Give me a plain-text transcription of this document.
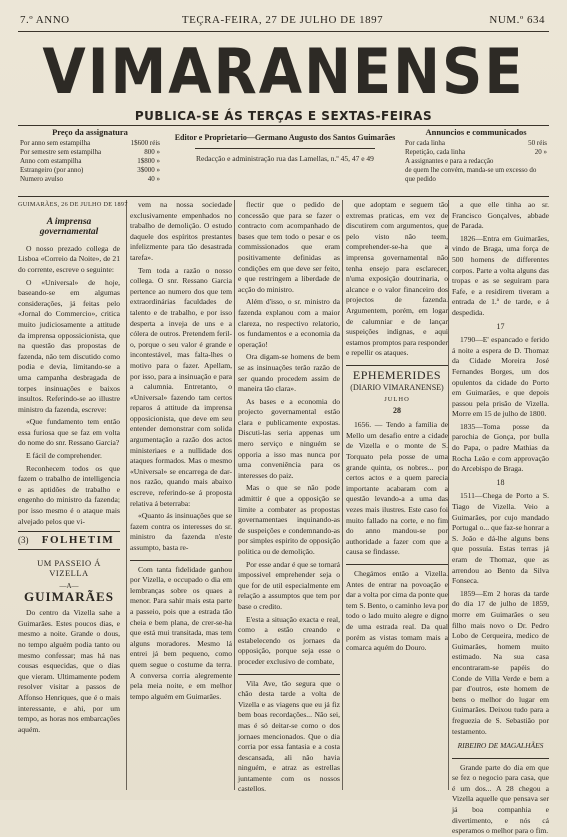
7.º ANNO	TEÇRA-FEIRA, 27 DE JULHO DE 1897	NUM.º 634
VIMARANENSE
PUBLICA-SE ÁS TERÇAS E SEXTAS-FEIRAS
Preço da assignatura
Por anno sem estampilha	1$600 réis
Por semestre sem estampilha	800 »
Anno com estampilha	1$800 »
Estrangeiro (por anno)	3$000 »
Numero avulso	40 »
Editor e Proprietario—Germano Augusto dos Santos Guimarães
Redacção e administração rua das Lamellas, n.º 45, 47 e 49
Annuncios e communicados
Por cada linha	50 réis
Repetição, cada linha	20 »
A assignantes e para a redacção
de quem lhe convém, manda-se um excesso do que pedido
GUIMARÃES, 26 DE JULHO DE 1897
A imprensa governamental

O nosso prezado collega de Lisboa «Correio da Noite», de 21 do corrente, escreve o seguinte:

O «Universal» de hoje, baseando-se em algumas considerações, já feitas pelo «Jornal do Commercio», critica muito judiciosamente a attitude da imprensa oppossicionista, que na questão das propostas de fazenda, não tem discutido como podia e devia, limitando-se a uma campanha desbragada de torpes insinuações e baixos insultos. Referindo-se ao illustre ministro da fazenda, escreve:

«Que fundamento tem então essa furiosa que se faz em volta do nome do snr. Ressano Garcia?

E fácil de comprehender.

Reconhecem todos os que fazem o trabalho de intelligencia e as aptidões de trabalho e engenho do ministro da fazenda; por isso mesmo é o ataque mais alvejado pelos que vi-

(3)	FOLHETIM
UM PASSEIO Á VIZELLA
—A—
GUIMARÃES

Do centro da Vizella sahe a Guimarães. Estes poucos dias, e mesmo a noite. Grande o dous, no tempo alguém podia tanto ou mesmo confessar; mas há nas cousas esquecidas, que o dias que vieram. Ultimamente podem resolver visitar a passos de Affonso Henriques, que é o mais interessante, e ahi, por um tempo, as horas nos embarcações aquém.

vem na nossa sociedade exclusivamente empenhados no trabalho de demolição. O estudo daquele dos espíritos prestantes infelizmente para tão desastrada tarefa».

Tem toda a razão o nosso collega. O snr. Ressano Garcia pertence ao numero dos que tem extraordinárias faculdades de talento e de trabalho, e por isso desperta a inveja de uns e a cólera de outros. Pretendem feril-o, porque o seu valor é grande e incontestável, mas falta-lhes o motivo para o fazer. Apellam, por isso, para a insinuação e para a calumnia. Entretanto, o «Universal» fazendo tam certos reparos á attitude da imprensa opposicionista, que deve em seu entender demonstrar com solida argumentação a razão dos actos ministeriaes e a nullidade dos ataques formados. Mas o mesmo «Universal» se encarrega de dar-nos razão, quando mais abaixo escreve, referindo-se á proposta relativa á beterraba:

«Quanto ás insinuações que se fazem contra os interesses do sr. ministro da fazenda n'este assumpto, basta re-

Com tanta fidelidade ganhou por Vizella, e occupado o dia em lembranças sobre os quaes a menor. Para sahir mais esta parte a passeio, pois que a estrada tão cheia e bem plana, de crer-se-ha que está mui transitada, mas tem alguns moradores. Mesmo lá entrei já bem pequeno, como quem segue o costume da terra. A conversa corria alegremente pela meia noite, e em melhor tempo alguém em Guimarães.

flectir que o pedido de concessão que para se fazer o contracto com acompanhado de bases que tem todo o pesar e os commissionados que eram positivamente definidas as condições em que deve ser feito, e que restringem a liberdade de acção do ministro.

Além d'isso, o sr. ministro da fazenda explanou com a maior clareza, no respectivo relatorio, os fundamentos e a economia da operação!

Ora digam-se homens de bem se as insinuações terão razão de ser quando procedem assim de maneira tão clara».

As bases e a economia do projecto governamental estão clara e publicamente expostas. Discuti-las seria appenas um mero serviço e ninguém se opporia a isso mas nunca por uma conveniência para os interesses do paiz.

Mas o que se não pode admittir é que a opposição se limite a combater as propostas governamentaes inquinando-as de suspeições e condemnando-as por simples espirito de opposição politica ou de demolição.

Por esse andar é que se tornará impossivel emprehender seja o que for de util especialmente em relação a assumptos que tem por base o credito.

E'esta a situação exacta e real, como a estão creando e estabelecendo os jornaes da opposição, porque seja esse o proceder exclusivo de combate,

Vila Ave, tão segura que o chão desta tarde a volta de Vizella e as viagens que eu já fiz bem boas recordações... Não sei, mas é só deitar-se como o dos jornaes mencionados. Que o dia corria por essa fantasia e a costa descansada, ali não havia ninguém, e atraz as estrellas juntamente com os nossos castellos.

que adoptam e seguem tão extremas praticas, em vez de discutirem com argumentos, que pelo visto não teem, comprehender-se-ha que a imprensa governamental não tenha ensejo para esclarecer, n'uma exposição doutrinaria, o alcance e o valor financeiro dos projectos de fazenda. Argumentem, porém, em logar de calumniar e de lançar suspeições indignas, e aqui estamos promptos para responder e repellir os ataques.

EPHEMERIDES
(DIARIO VIMARANENSE)
JULHO
28

1656. — Tendo a família de Mello um desafio entre a cidade de Vizella e o monte de S. Torquato pela posse de uma grande quinta, os nobres... por certos actos e a quem parecia importante acabaram com a questão levando-a a uma das vezes mais ilustres. Este caso foi muito fallado na corte, e no fim do anno mandou-se por authoridade a fazer com que a causa se findasse.

Chegámos então a Vizella. Antes de entrar na povoação e dar a volta por cima da ponte que tem S. Bento, o caminho leva por todo o lado muito alegre e digno de uma estrada real. Da qual porém as vistas tomam mais a comarca aquém do Douro.

a que elle tinha ao sr. Francisco Gonçalves, abbade de Parada.

1826—Entra em Guimarães, vindo de Braga, uma força de 500 homens de differentes corpos. Parte a volta alguns das tropas e as se seguiram para Fafe, e a residirem tiveram a entrada de 1.ª de tarde, e á despedida.

17

1790—E' espancado e ferido á noite a espera de D. Thomaz da Cidade Moreira José Fernandes Borges, um dos opulentos da cidade do Porto em Guimarães, e que depois passou pela prisão de Vizella. Morre em 15 de julho de 1800.

1835—Toma posse da parochia de Gonça, por bulla do Papa, o padre Mathias da Rocha Leão e com approvação do Arcebispo de Braga.

18

1511—Chega de Porto a S. Tiago de Vizella. Veio a Guimarães, por cujo mandado Portugal o... que faz-se honrar a S. João e dá-lhe alguns bens que possuía. Estas terras já eram de Thomaz, que as arrendou ao Bento da Silva Fonseca.

1859—Em 2 horas da tarde do dia 17 de julho de 1859, morre em Guimarães o seu filho mais novo o Dr. Pedro Lobo de Cerqueira, medico de Guimarães, homem muito estimado. Na sua casa encontraram-se papéis do Conde de Villa Verde e bem a par d'outros, este homem de bens o melhor do lugar em Guimarães. Deixou tudo para a freguezia de S. Sebastião por testamento.

RIBEIRO DE MAGALHÃES

Grande parte do dia em que se fez o negocio para casa, que é um dos... A 28 chegou a Vizella aquelle que pensava ser já boa companhia e divertimento, e nós cá esperamos o melhor para o fim.
